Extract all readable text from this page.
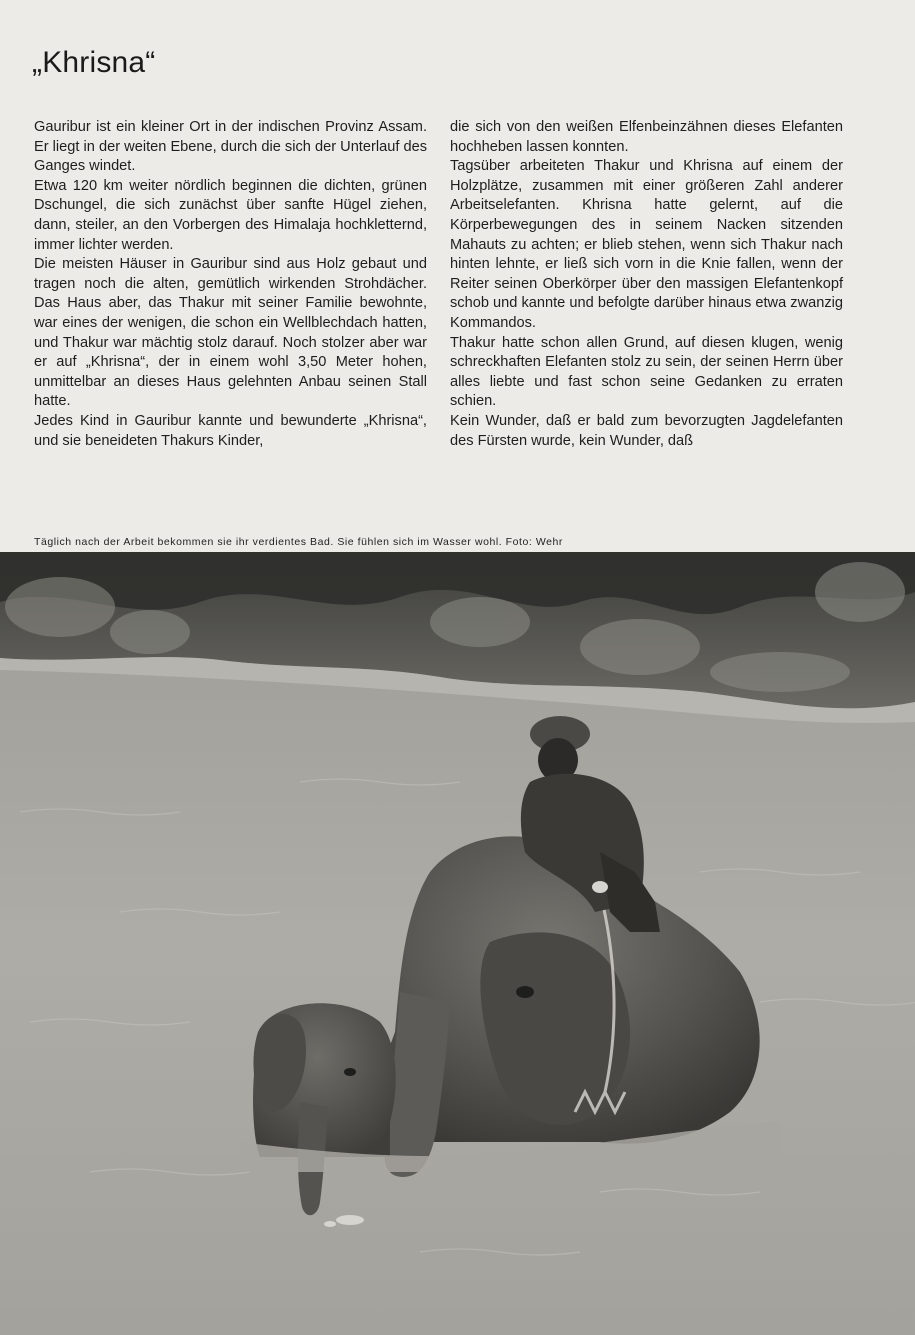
„Khrisna“

Gauribur ist ein kleiner Ort in der indischen Provinz Assam. Er liegt in der weiten Ebene, durch die sich der Unterlauf des Ganges windet.

Etwa 120 km weiter nördlich beginnen die dichten, grünen Dschungel, die sich zunächst über sanfte Hügel ziehen, dann, steiler, an den Vorbergen des Himalaja hochkletternd, immer lichter werden.

Die meisten Häuser in Gauribur sind aus Holz gebaut und tragen noch die alten, gemütlich wirkenden Strohdächer. Das Haus aber, das Thakur mit seiner Familie bewohnte, war eines der wenigen, die schon ein Wellblechdach hatten, und Thakur war mächtig stolz darauf. Noch stolzer aber war er auf „Khrisna“, der in einem wohl 3,50 Meter hohen, unmittelbar an dieses Haus gelehnten Anbau seinen Stall hatte.

Jedes Kind in Gauribur kannte und bewunderte „Khrisna“, und sie beneideten Thakurs Kinder,

die sich von den weißen Elfenbeinzähnen dieses Elefanten hochheben lassen konnten.

Tagsüber arbeiteten Thakur und Khrisna auf einem der Holzplätze, zusammen mit einer größeren Zahl anderer Arbeitselefanten. Khrisna hatte gelernt, auf die Körperbewegungen des in seinem Nacken sitzenden Mahauts zu achten; er blieb stehen, wenn sich Thakur nach hinten lehnte, er ließ sich vorn in die Knie fallen, wenn der Reiter seinen Oberkörper über den massigen Elefantenkopf schob und kannte und befolgte darüber hinaus etwa zwanzig Kommandos.

Thakur hatte schon allen Grund, auf diesen klugen, wenig schreckhaften Elefanten stolz zu sein, der seinen Herrn über alles liebte und fast schon seine Gedanken zu erraten schien.

Kein Wunder, daß er bald zum bevorzugten Jagdelefanten des Fürsten wurde, kein Wunder, daß

Täglich nach der Arbeit bekommen sie ihr verdientes Bad. Sie fühlen sich im Wasser wohl. Foto: Wehr
